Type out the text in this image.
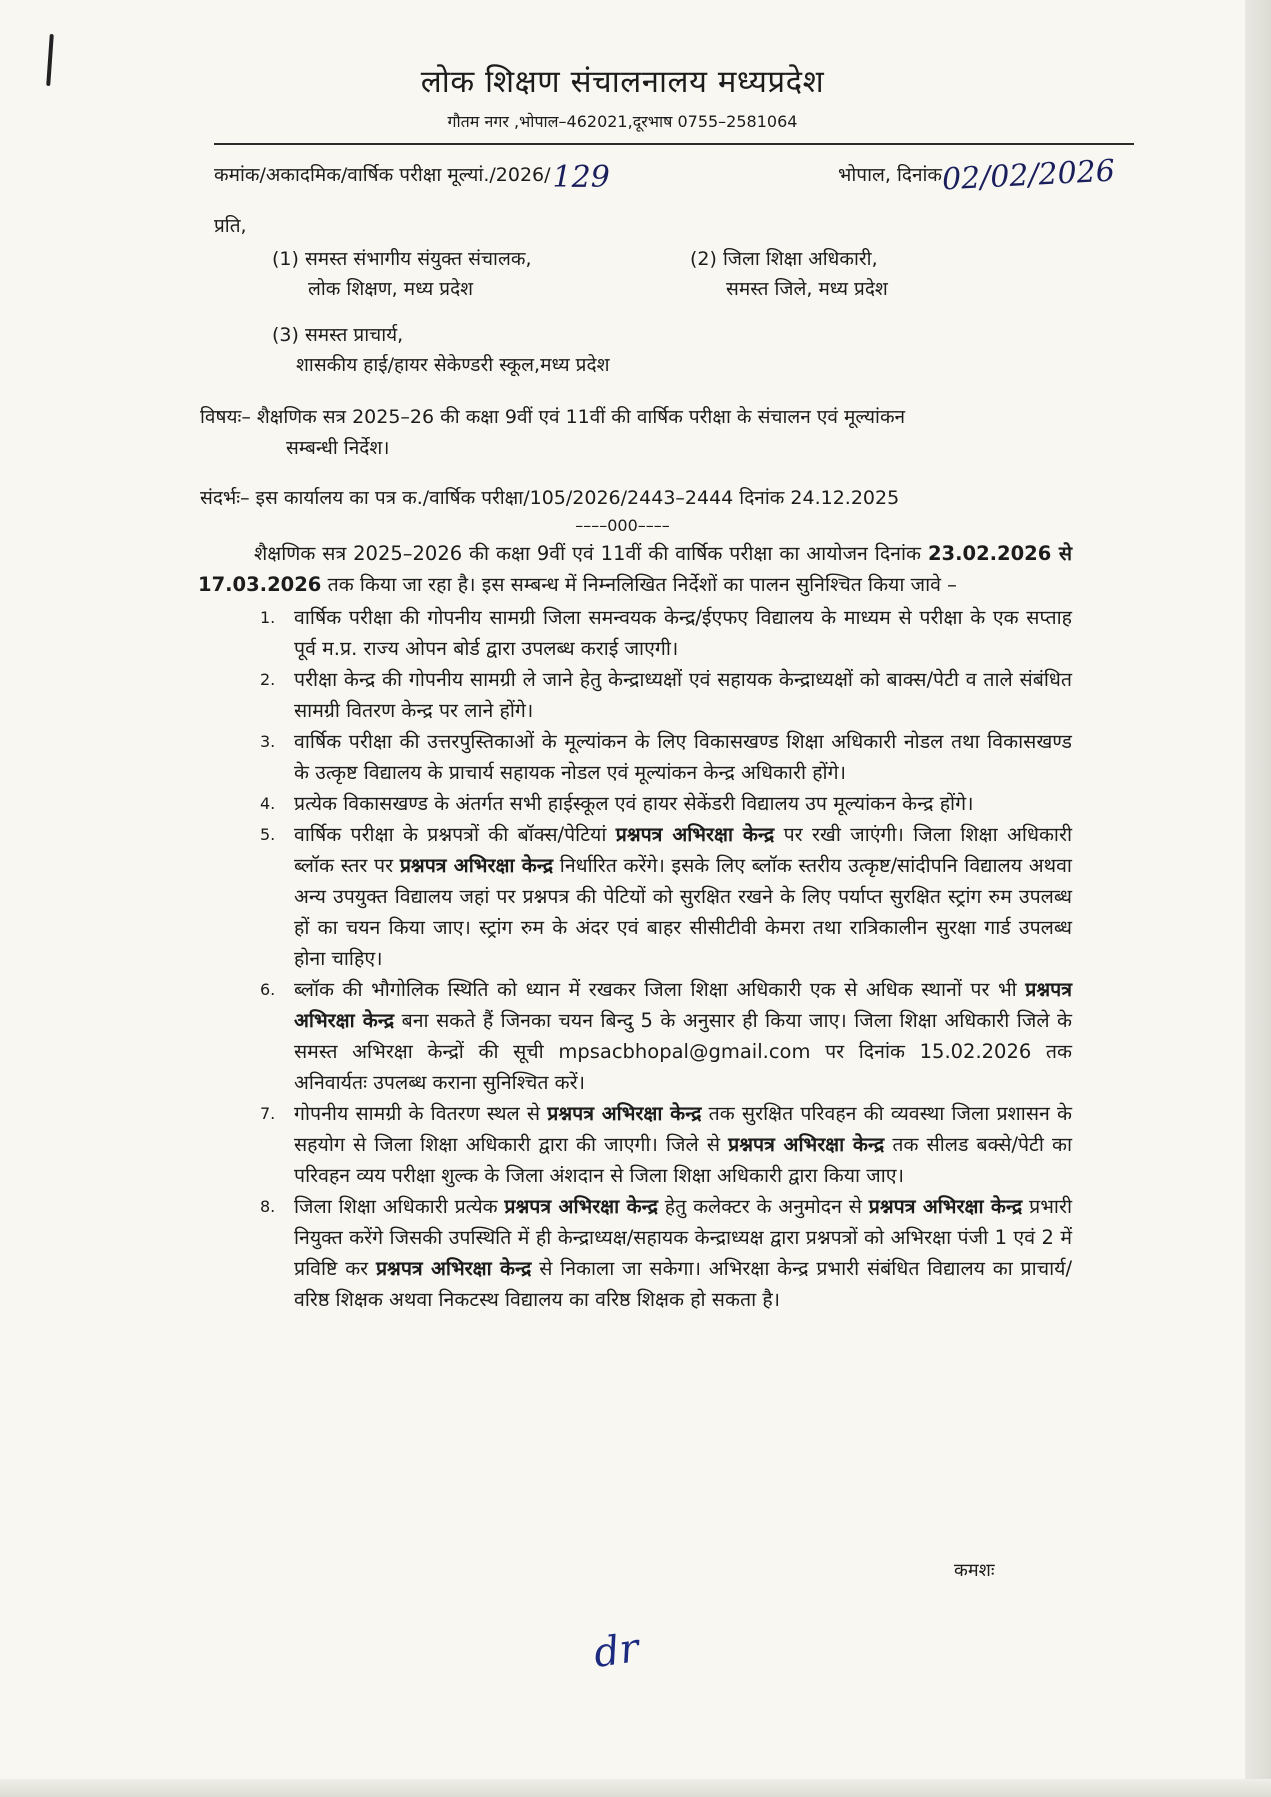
लोक शिक्षण संचालनालय मध्यप्रदेश
गौतम नगर ,भोपाल–462021,दूरभाष 0755–2581064
कमांक/अकादमिक/वार्षिक परीक्षा मूल्यां./2026/129	भोपाल, दिनांक02/02/2026
प्रति,
(1) समस्त संभागीय संयुक्त संचालक,
लोक शिक्षण, मध्य प्रदेश
(2) जिला शिक्षा अधिकारी,
समस्त जिले, मध्य प्रदेश
(3) समस्त प्राचार्य,
शासकीय हाई/हायर सेकेण्डरी स्कूल,मध्य प्रदेश
विषयः– शैक्षणिक सत्र 2025–26 की कक्षा 9वीं एवं 11वीं की वार्षिक परीक्षा के संचालन एवं मूल्यांकन
सम्बन्धी निर्देश।
संदर्भः– इस कार्यालय का पत्र क./वार्षिक परीक्षा/105/2026/2443–2444 दिनांक 24.12.2025
––––000––––

शैक्षणिक सत्र 2025–2026 की कक्षा 9वीं एवं 11वीं की वार्षिक परीक्षा का आयोजन दिनांक 23.02.2026 से 17.03.2026 तक किया जा रहा है। इस सम्बन्ध में निम्नलिखित निर्देशों का पालन सुनिश्चित किया जावे –

1. वार्षिक परीक्षा की गोपनीय सामग्री जिला समन्वयक केन्द्र/ईएफए विद्यालय के माध्यम से परीक्षा के एक सप्ताह पूर्व म.प्र. राज्य ओपन बोर्ड द्वारा उपलब्ध कराई जाएगी।
2. परीक्षा केन्द्र की गोपनीय सामग्री ले जाने हेतु केन्द्राध्यक्षों एवं सहायक केन्द्राध्यक्षों को बाक्स/पेटी व ताले संबंधित सामग्री वितरण केन्द्र पर लाने होंगे।
3. वार्षिक परीक्षा की उत्तरपुस्तिकाओं के मूल्यांकन के लिए विकासखण्ड शिक्षा अधिकारी नोडल तथा विकासखण्ड के उत्कृष्ट विद्यालय के प्राचार्य सहायक नोडल एवं मूल्यांकन केन्द्र अधिकारी होंगे।
4. प्रत्येक विकासखण्ड के अंतर्गत सभी हाईस्कूल एवं हायर सेकेंडरी विद्यालय उप मूल्यांकन केन्द्र होंगे।
5. वार्षिक परीक्षा के प्रश्नपत्रों की बॉक्स/पेटियां प्रश्नपत्र अभिरक्षा केन्द्र पर रखी जाएंगी। जिला शिक्षा अधिकारी ब्लॉक स्तर पर प्रश्नपत्र अभिरक्षा केन्द्र निर्धारित करेंगे। इसके लिए ब्लॉक स्तरीय उत्कृष्ट/सांदीपनि विद्यालय अथवा अन्य उपयुक्त विद्यालय जहां पर प्रश्नपत्र की पेटियों को सुरक्षित रखने के लिए पर्याप्त सुरक्षित स्ट्रांग रुम उपलब्ध हों का चयन किया जाए। स्ट्रांग रुम के अंदर एवं बाहर सीसीटीवी केमरा तथा रात्रिकालीन सुरक्षा गार्ड उपलब्ध होना चाहिए।
6. ब्लॉक की भौगोलिक स्थिति को ध्यान में रखकर जिला शिक्षा अधिकारी एक से अधिक स्थानों पर भी प्रश्नपत्र अभिरक्षा केन्द्र बना सकते हैं जिनका चयन बिन्दु 5 के अनुसार ही किया जाए। जिला शिक्षा अधिकारी जिले के समस्त अभिरक्षा केन्द्रों की सूची mpsacbhopal@gmail.com पर दिनांक 15.02.2026 तक अनिवार्यतः उपलब्ध कराना सुनिश्चित करें।
7. गोपनीय सामग्री के वितरण स्थल से प्रश्नपत्र अभिरक्षा केन्द्र तक सुरक्षित परिवहन की व्यवस्था जिला प्रशासन के सहयोग से जिला शिक्षा अधिकारी द्वारा की जाएगी। जिले से प्रश्नपत्र अभिरक्षा केन्द्र तक सीलड बक्से/पेटी का परिवहन व्यय परीक्षा शुल्क के जिला अंशदान से जिला शिक्षा अधिकारी द्वारा किया जाए।
8. जिला शिक्षा अधिकारी प्रत्येक प्रश्नपत्र अभिरक्षा केन्द्र हेतु कलेक्टर के अनुमोदन से प्रश्नपत्र अभिरक्षा केन्द्र प्रभारी नियुक्त करेंगे जिसकी उपस्थिति में ही केन्द्राध्यक्ष/सहायक केन्द्राध्यक्ष द्वारा प्रश्नपत्रों को अभिरक्षा पंजी 1 एवं 2 में प्रविष्टि कर प्रश्नपत्र अभिरक्षा केन्द्र से निकाला जा सकेगा। अभिरक्षा केन्द्र प्रभारी संबंधित विद्यालय का प्राचार्य/वरिष्ठ शिक्षक अथवा निकटस्थ विद्यालय का वरिष्ठ शिक्षक हो सकता है।
कमशः
dr
